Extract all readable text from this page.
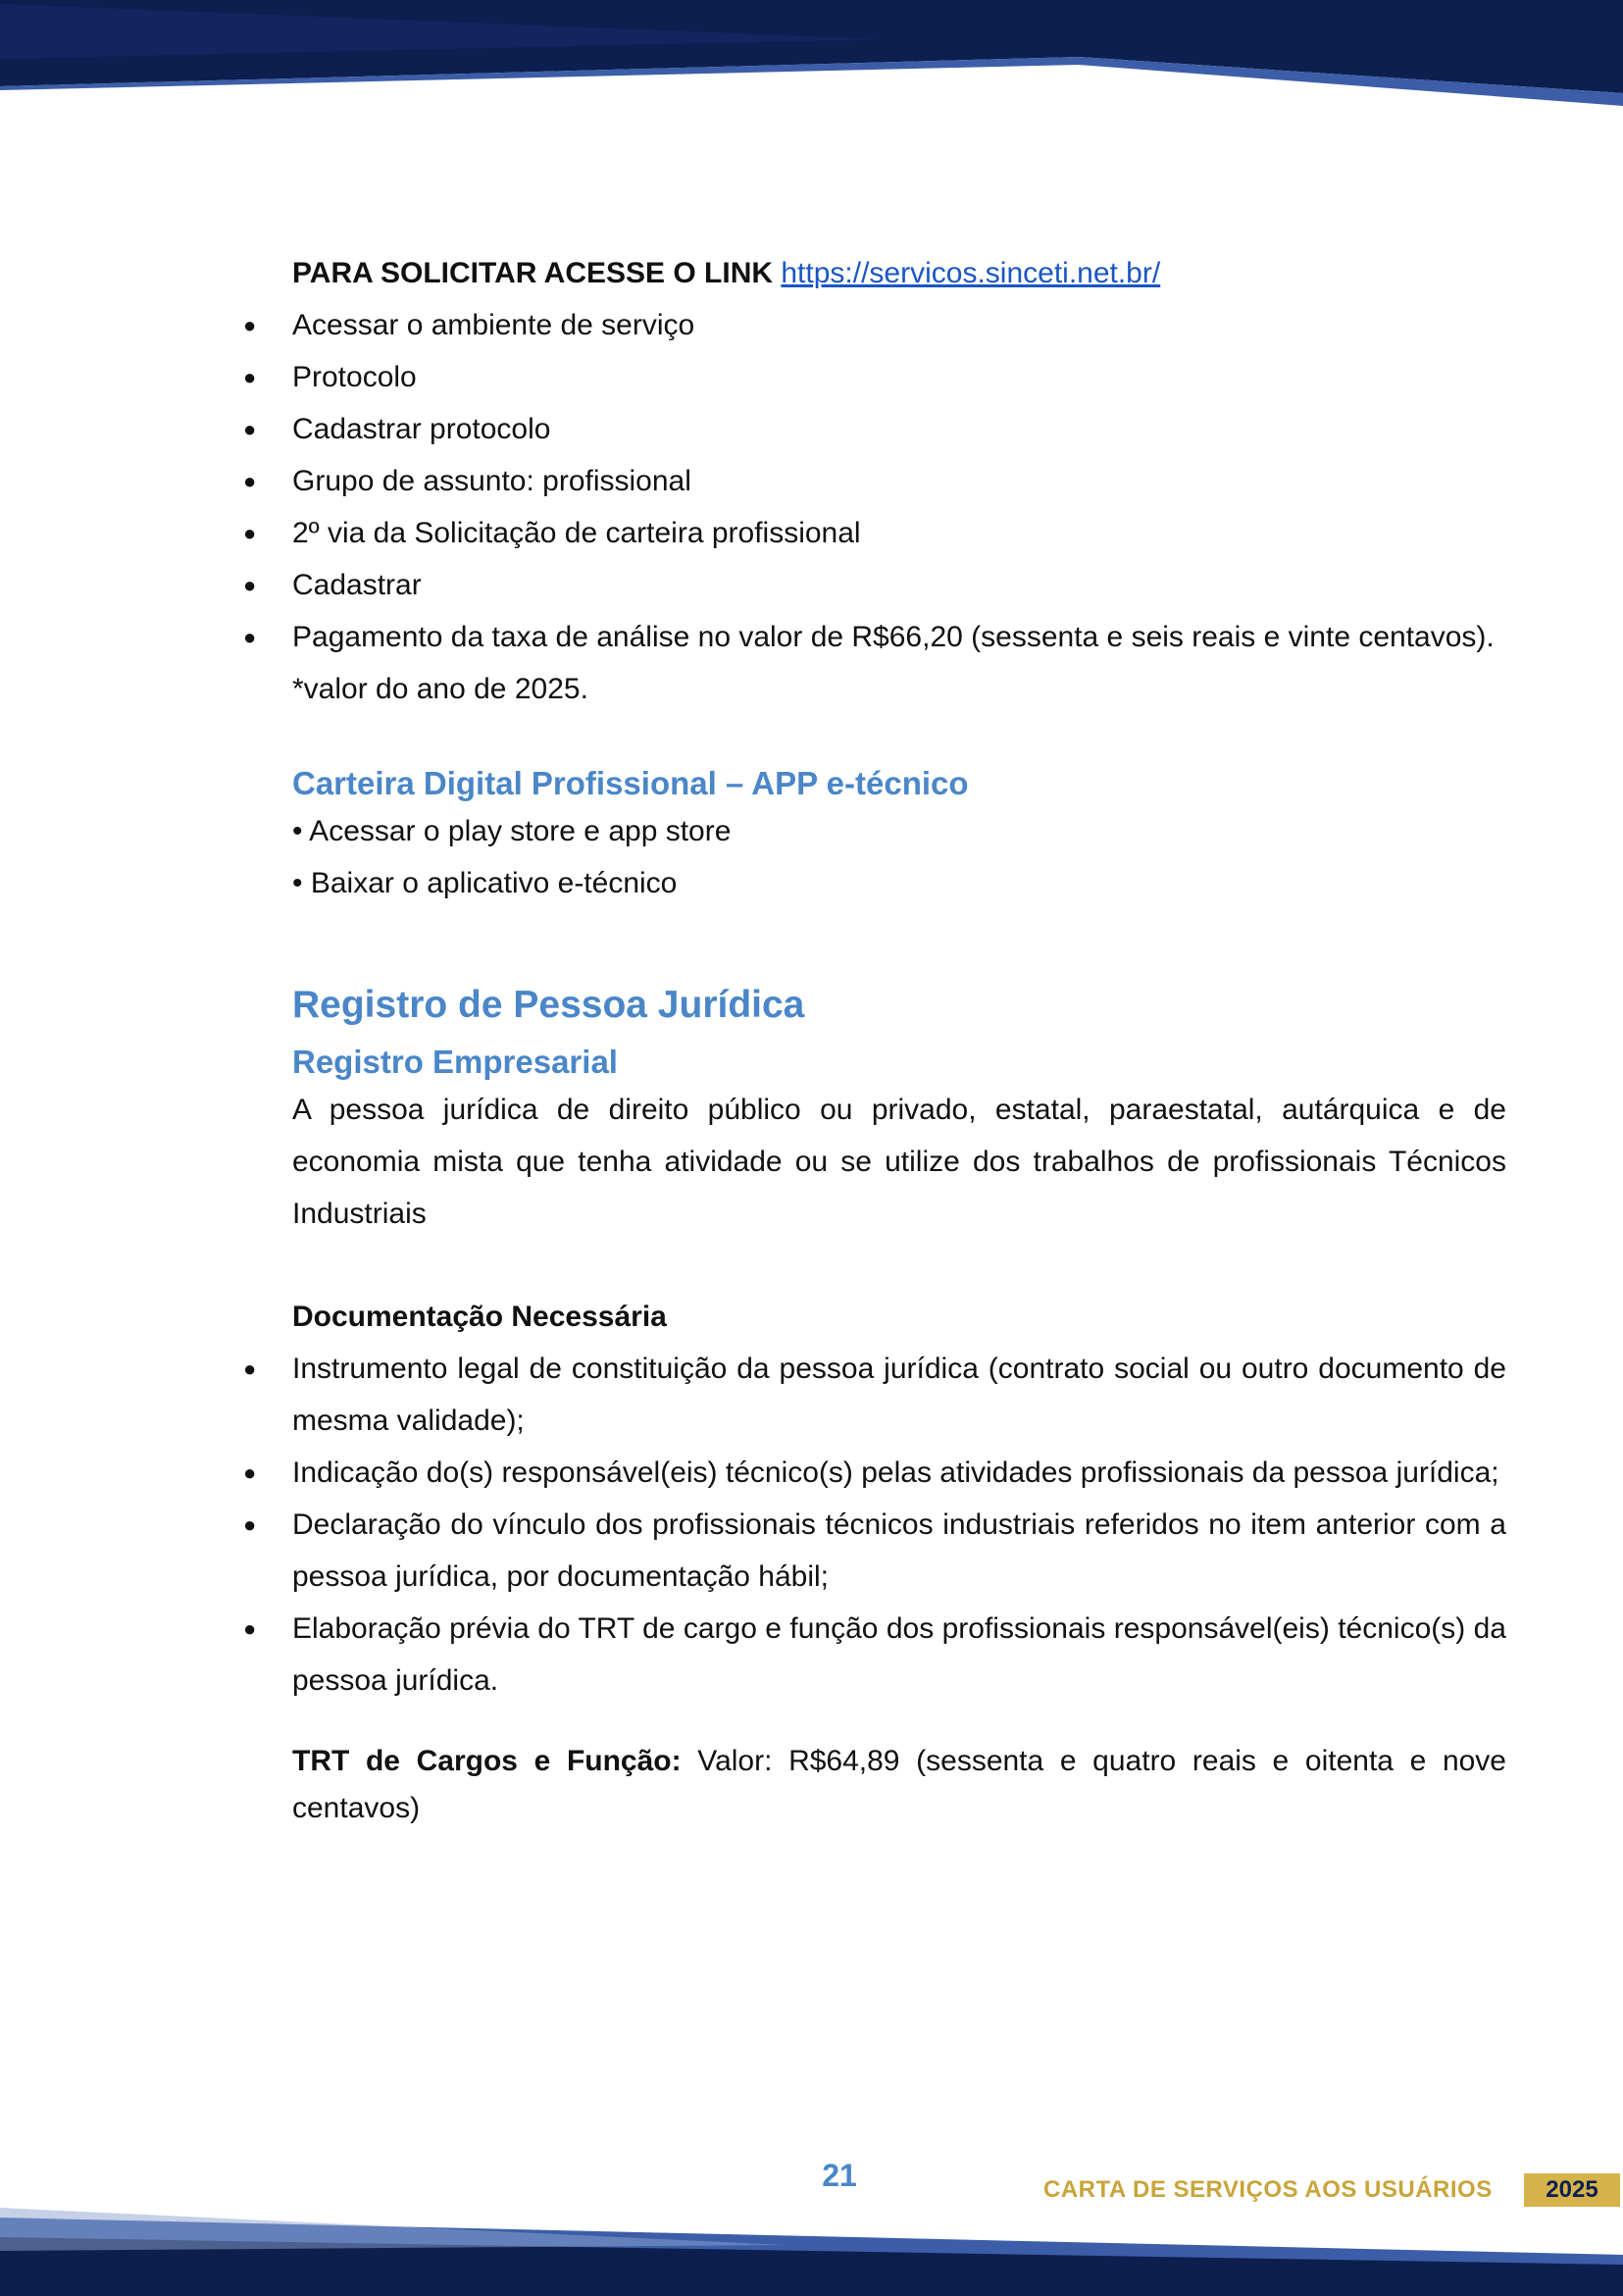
PARA SOLICITAR ACESSE O LINK https://servicos.sinceti.net.br/

● Acessar o ambiente de serviço
● Protocolo
● Cadastrar protocolo
● Grupo de assunto: profissional
● 2º via da Solicitação de carteira profissional
● Cadastrar
● Pagamento da taxa de análise no valor de R$66,20 (sessenta e seis reais e vinte centavos).

*valor do ano de 2025.

Carteira Digital Profissional – APP e-técnico

• Acessar o play store e app store

• Baixar o aplicativo e-técnico

Registro de Pessoa Jurídica
Registro Empresarial

A pessoa jurídica de direito público ou privado, estatal, paraestatal, autárquica e de economia mista que tenha atividade ou se utilize dos trabalhos de profissionais Técnicos Industriais

Documentação Necessária

● Instrumento legal de constituição da pessoa jurídica (contrato social ou outro documento de mesma validade);
● Indicação do(s) responsável(eis) técnico(s) pelas atividades profissionais da pessoa jurídica;
● Declaração do vínculo dos profissionais técnicos industriais referidos no item anterior com a pessoa jurídica, por documentação hábil;
● Elaboração prévia do TRT de cargo e função dos profissionais responsável(eis) técnico(s) da pessoa jurídica.

TRT de Cargos e Função: Valor: R$64,89 (sessenta e quatro reais e oitenta e nove centavos)

21	CARTA DE SERVIÇOS AOS USUÁRIOS	2025
